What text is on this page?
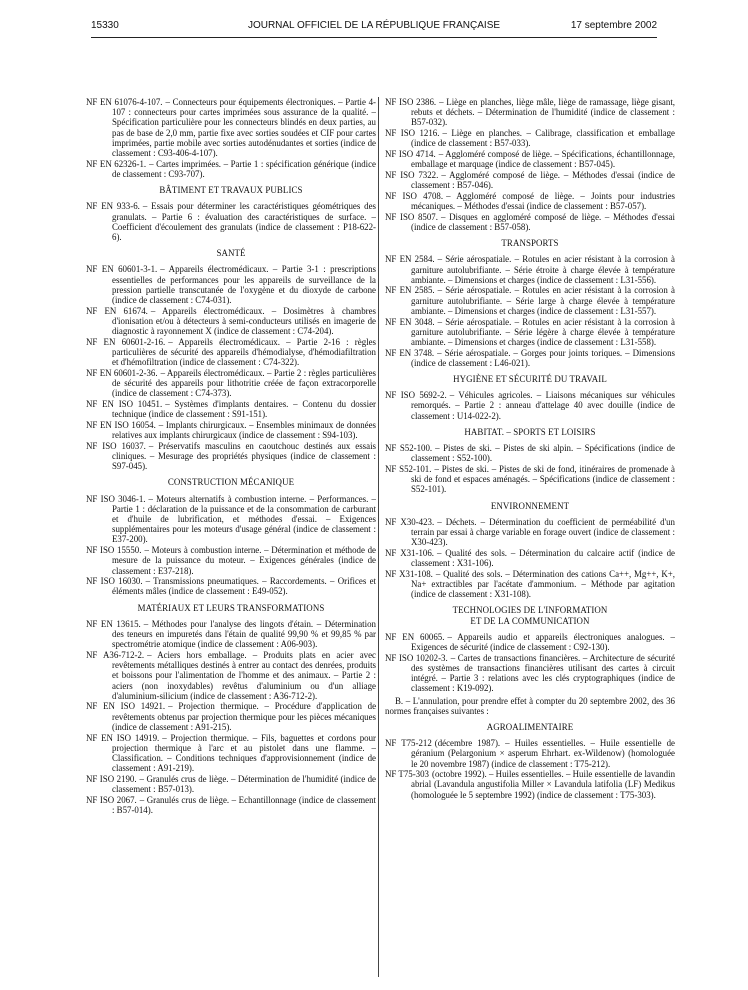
15330	JOURNAL OFFICIEL DE LA RÉPUBLIQUE FRANÇAISE	17 septembre 2002
NF EN 61076-4-107. – Connecteurs pour équipements électroniques. – Partie 4-107 : connecteurs pour cartes imprimées sous assurance de la qualité. – Spécification particulière pour les connecteurs blindés en deux parties, au pas de base de 2,0 mm, partie fixe avec sorties soudées et CIF pour cartes imprimées, partie mobile avec sorties autodénudantes et sorties (indice de classement : C93-406-4-107).
NF EN 62326-1. – Cartes imprimées. – Partie 1 : spécification générique (indice de classement : C93-707).
BÂTIMENT ET TRAVAUX PUBLICS
NF EN 933-6. – Essais pour déterminer les caractéristiques géométriques des granulats. – Partie 6 : évaluation des caractéristiques de surface. – Coefficient d'écoulement des granulats (indice de classement : P18-622-6).
SANTÉ
NF EN 60601-3-1. – Appareils électromédicaux. – Partie 3-1 : prescriptions essentielles de performances pour les appareils de surveillance de la pression partielle transcutanée de l'oxygène et du dioxyde de carbone (indice de classement : C74-031).
NF EN 61674. – Appareils électromédicaux. – Dosimètres à chambres d'ionisation et/ou à détecteurs à semi-conducteurs utilisés en imagerie de diagnostic à rayonnement X (indice de classement : C74-204).
NF EN 60601-2-16. – Appareils électromédicaux. – Partie 2-16 : règles particulières de sécurité des appareils d'hémodialyse, d'hémodiafiltration et d'hémofiltration (indice de classement : C74-322).
NF EN 60601-2-36. – Appareils électromédicaux. – Partie 2 : règles particulières de sécurité des appareils pour lithotritie créée de façon extracorporelle (indice de classement : C74-373).
NF EN ISO 10451. – Systèmes d'implants dentaires. – Contenu du dossier technique (indice de classement : S91-151).
NF EN ISO 16054. – Implants chirurgicaux. – Ensembles minimaux de données relatives aux implants chirurgicaux (indice de classement : S94-103).
NF ISO 16037. – Préservatifs masculins en caoutchouc destinés aux essais cliniques. – Mesurage des propriétés physiques (indice de classement : S97-045).
CONSTRUCTION MÉCANIQUE
NF ISO 3046-1. – Moteurs alternatifs à combustion interne. – Performances. – Partie 1 : déclaration de la puissance et de la consommation de carburant et d'huile de lubrification, et méthodes d'essai. – Exigences supplémentaires pour les moteurs d'usage général (indice de classement : E37-200).
NF ISO 15550. – Moteurs à combustion interne. – Détermination et méthode de mesure de la puissance du moteur. – Exigences générales (indice de classement : E37-218).
NF ISO 16030. – Transmissions pneumatiques. – Raccordements. – Orifices et éléments mâles (indice de classement : E49-052).
MATÉRIAUX ET LEURS TRANSFORMATIONS
NF EN 13615. – Méthodes pour l'analyse des lingots d'étain. – Détermination des teneurs en impuretés dans l'étain de qualité 99,90 % et 99,85 % par spectrométrie atomique (indice de classement : A06-903).
NF A36-712-2. – Aciers hors emballage. – Produits plats en acier avec revêtements métalliques destinés à entrer au contact des denrées, produits et boissons pour l'alimentation de l'homme et des animaux. – Partie 2 : aciers (non inoxydables) revêtus d'aluminium ou d'un alliage d'aluminium-silicium (indice de classement : A36-712-2).
NF EN ISO 14921. – Projection thermique. – Procédure d'application de revêtements obtenus par projection thermique pour les pièces mécaniques (indice de classement : A91-215).
NF EN ISO 14919. – Projection thermique. – Fils, baguettes et cordons pour projection thermique à l'arc et au pistolet dans une flamme. – Classification. – Conditions techniques d'approvisionnement (indice de classement : A91-219).
NF ISO 2190. – Granulés crus de liège. – Détermination de l'humidité (indice de classement : B57-013).
NF ISO 2067. – Granulés crus de liège. – Echantillonnage (indice de classement : B57-014).
NF ISO 2386. – Liège en planches, liège mâle, liège de ramassage, liège gisant, rebuts et déchets. – Détermination de l'humidité (indice de classement : B57-032).
NF ISO 1216. – Liège en planches. – Calibrage, classification et emballage (indice de classement : B57-033).
NF ISO 4714. – Aggloméré composé de liège. – Spécifications, échantillonnage, emballage et marquage (indice de classement : B57-045).
NF ISO 7322. – Aggloméré composé de liège. – Méthodes d'essai (indice de classement : B57-046).
NF ISO 4708. – Aggloméré composé de liège. – Joints pour industries mécaniques. – Méthodes d'essai (indice de classement : B57-057).
NF ISO 8507. – Disques en aggloméré composé de liège. – Méthodes d'essai (indice de classement : B57-058).
TRANSPORTS
NF EN 2584. – Série aérospatiale. – Rotules en acier résistant à la corrosion à garniture autolubrifiante. – Série étroite à charge élevée à température ambiante. – Dimensions et charges (indice de classement : L31-556).
NF EN 2585. – Série aérospatiale. – Rotules en acier résistant à la corrosion à garniture autolubrifiante. – Série large à charge élevée à température ambiante. – Dimensions et charges (indice de classement : L31-557).
NF EN 3048. – Série aérospatiale. – Rotules en acier résistant à la corrosion à garniture autolubrifiante. – Série légère à charge élevée à température ambiante. – Dimensions et charges (indice de classement : L31-558).
NF EN 3748. – Série aérospatiale. – Gorges pour joints toriques. – Dimensions (indice de classement : L46-021).
HYGIÈNE ET SÉCURITÉ DU TRAVAIL
NF ISO 5692-2. – Véhicules agricoles. – Liaisons mécaniques sur véhicules remorqués. – Partie 2 : anneau d'attelage 40 avec douille (indice de classement : U14-022-2).
HABITAT. – SPORTS ET LOISIRS
NF S52-100. – Pistes de ski. – Pistes de ski alpin. – Spécifications (indice de classement : S52-100).
NF S52-101. – Pistes de ski. – Pistes de ski de fond, itinéraires de promenade à ski de fond et espaces aménagés. – Spécifications (indice de classement : S52-101).
ENVIRONNEMENT
NF X30-423. – Déchets. – Détermination du coefficient de perméabilité d'un terrain par essai à charge variable en forage ouvert (indice de classement : X30-423).
NF X31-106. – Qualité des sols. – Détermination du calcaire actif (indice de classement : X31-106).
NF X31-108. – Qualité des sols. – Détermination des cations Ca++, Mg++, K+, Na+ extractibles par l'acétate d'ammonium. – Méthode par agitation (indice de classement : X31-108).
TECHNOLOGIES DE L'INFORMATION
ET DE LA COMMUNICATION
NF EN 60065. – Appareils audio et appareils électroniques analogues. – Exigences de sécurité (indice de classement : C92-130).
NF ISO 10202-3. – Cartes de transactions financières. – Architecture de sécurité des systèmes de transactions financières utilisant des cartes à circuit intégré. – Partie 3 : relations avec les clés cryptographiques (indice de classement : K19-092).
B. – L'annulation, pour prendre effet à compter du 20 septembre 2002, des 36 normes françaises suivantes :
AGROALIMENTAIRE
NF T75-212 (décembre 1987). – Huiles essentielles. – Huile essentielle de géranium (Pelargonium × asperum Ehrhart. ex-Wildenow) (homologuée le 20 novembre 1987) (indice de classement : T75-212).
NF T75-303 (octobre 1992). – Huiles essentielles. – Huile essentielle de lavandin abrial (Lavandula angustifolia Miller × Lavandula latifolia (LF) Medikus (homologuée le 5 septembre 1992) (indice de classement : T75-303).
